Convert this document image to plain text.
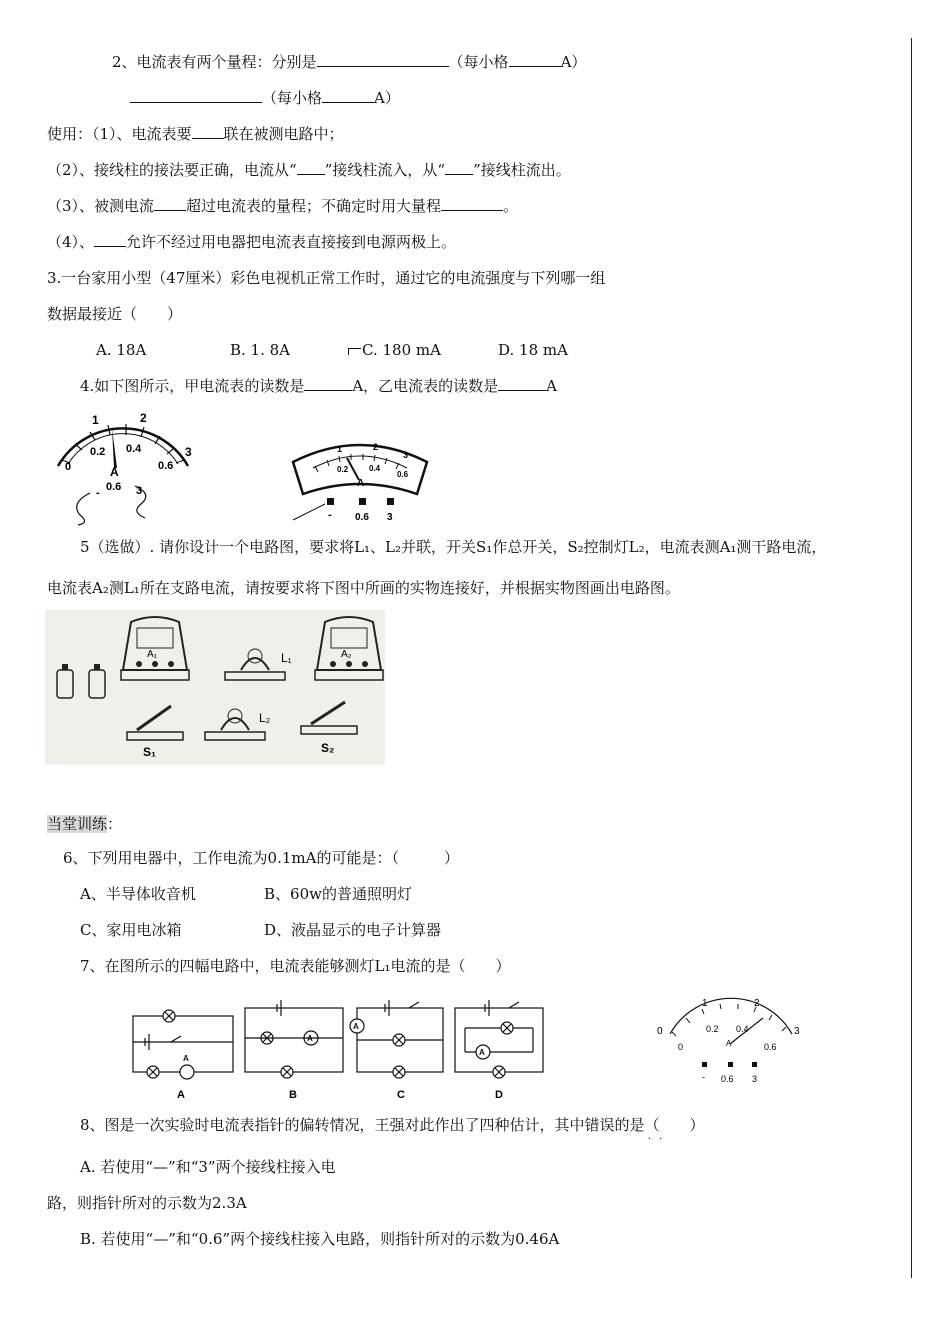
2、电流表有两个量程：分别是	（每小格	A）
（每小格	A）
使用：（1）、电流表要 联在被测电路中；
（2）、接线柱的接法要正确，电流从“ ”接线柱流入，从“ ”接线柱流出。
（3）、被测电流 超过电流表的量程；不确定时用大量程	。
（4）、 允许不经过用电器把电流表直接接到电源两极上。
3.一台家用小型（47厘米）彩色电视机正常工作时，通过它的电流强度与下列哪一组
数据最接近（　　）
A. 18A	B. 1. 8A	C. 180 mA	D. 18 mA
4.如下图所示，甲电流表的读数是	A，乙电流表的读数是	A
1	2
3
0
0.2 0.4
0.6
A
- 0.6 3
1	2
3
0.2	0.4
0.6
A
- 0.6 3
5（选做）. 请你设计一个电路图，要求将L₁、L₂并联，开关S₁作总开关，S₂控制灯L₂，电流表测A₁测干路电流，
电流表A₂测L₁所在支路电流，请按要求将下图中所画的实物连接好，并根据实物图画出电路图。
A₁	L₁	A₂
S₁
L₂
S₂
当堂训练：
6、下列用电器中，工作电流为0.1mA的可能是：（　　　）
A、半导体收音机	B、60w的普通照明灯
C、家用电冰箱	D、液晶显示的电子计算器
7、在图所示的四幅电路中，电流表能够测灯L₁电流的是（　　）
A
A
A
A
A	B	C	D
1	2
0	3
0
0.2 0.4
0.6
A
- 0.6 3
8、图是一次实验时电流表指针的偏转情况，王强对此作出了四种估计，其中错误的是（　　）
··
A. 若使用“—”和“3”两个接线柱接入电
路，则指针所对的示数为2.3A
B. 若使用“—”和“0.6”两个接线柱接入电路，则指针所对的示数为0.46A
